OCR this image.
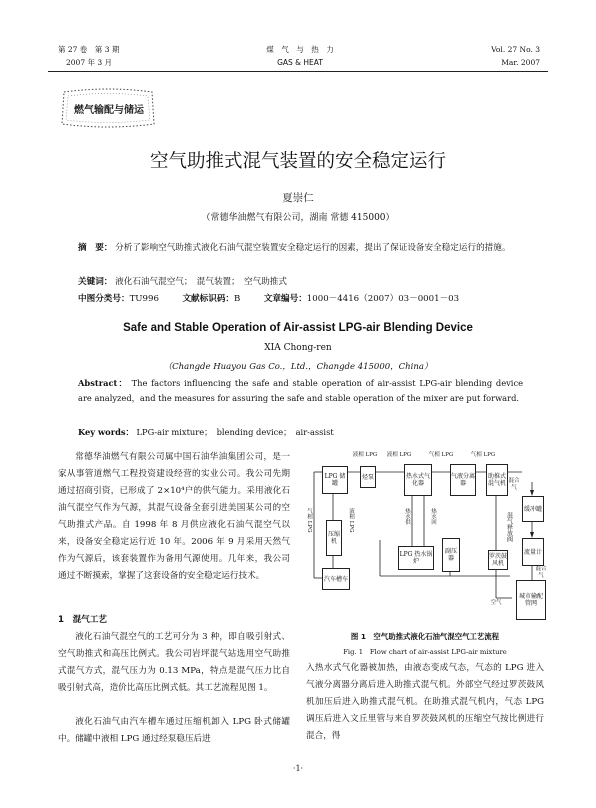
第 27 卷　第 3 期
2007 年 3 月
煤　气　与　热　力
GAS & HEAT
Vol. 27 No. 3
Mar. 2007
燃气输配与储运
空气助推式混气装置的安全稳定运行
夏崇仁
（常德华油燃气有限公司，湖南 常德 415000）
摘　要： 分析了影响空气助推式液化石油气混空装置安全稳定运行的因素，提出了保证设备安全稳定运行的措施。
关键词： 液化石油气混空气；　混气装置；　空气助推式
中图分类号：TU996	文献标识码：B	文章编号：1000－4416（2007）03－0001－03
Safe and Stable Operation of Air-assist LPG-air Blending Device
XIA Chong-ren
（Changde Huayou Gas Co.，Ltd.，Changde 415000，China）
Abstract： The factors influencing the safe and stable operation of air-assist LPG-air blending device are analyzed，and the measures for assuring the safe and stable operation of the mixer are put forward.
Key words： LPG-air mixture；　blending device；　air-assist
常德华油燃气有限公司属中国石油华油集团公司，是一家从事管道燃气工程投资建设经营的实业公司。我公司先期通过招商引资，已形成了 2×10⁴户的供气能力。采用液化石油气混空气作为气源，其混气设备全套引进美国某公司的空气助推式产品。自 1998 年 8 月供应液化石油气混空气以来，设备安全稳定运行近 10 年。2006 年 9 月采用天然气作为气源后，该套装置作为备用气源使用。几年来，我公司通过不断摸索，掌握了这套设备的安全稳定运行技术。
1　混气工艺
液化石油气混空气的工艺可分为 3 种，即自吸引射式、空气助推式和高压比例式。我公司岩坪混气站选用空气助推式混气方式，混气压力为 0.13 MPa，特点是混气压力比自吸引射式高，造价比高压比例式低。其工艺流程见图 1。
液化石油气由汽车槽车通过压缩机卸入 LPG 卧式储罐中。储罐中液相 LPG 通过经泵稳压后进
LPG 储罐
压缩机
汽车槽车
烃泵	热水式气化器
气液分离器
助推式混气机
LPG 热水锅炉
副压器	罗茨鼓风机
缓冲罐
流量计
城市输配管网
混气释放阀
液相 LPG 液相 LPG	气相 LPG	气相 LPG
热水供	热水回
混合气
混合气
气相 LPG	液相 LPG
空气
图 1　空气助推式液化石油气混空气工艺流程
Fig. 1　Flow chart of air-assist LPG-air mixture
入热水式气化器被加热，由液态变成气态，气态的 LPG 进入气液分离器分离后进入助推式混气机。外部空气经过罗茨鼓风机加压后进入助推式混气机。在助推式混气机内，气态 LPG 调压后进入文丘里管与来自罗茨鼓风机的压缩空气按比例进行混合，得
·1·
